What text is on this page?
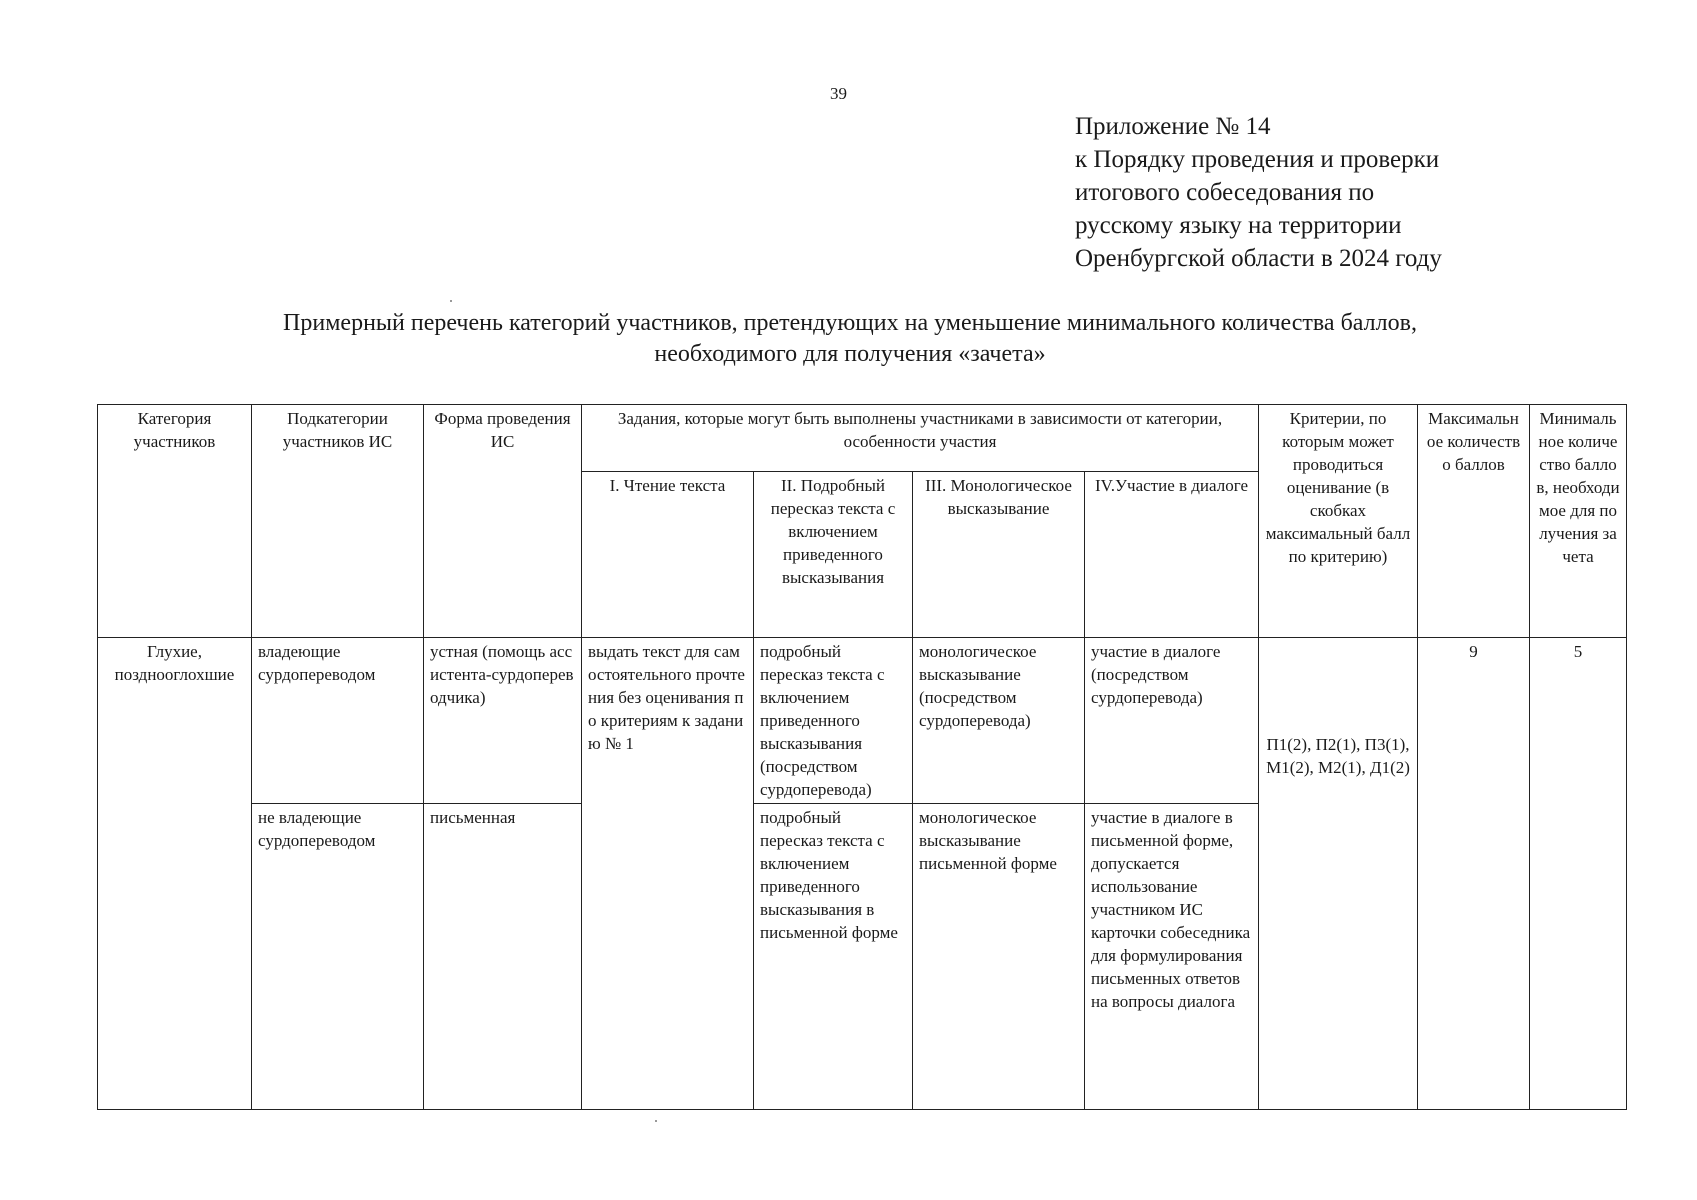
39
Приложение № 14
к Порядку проведения и проверки
итогового собеседования по
русскому языку на территории
Оренбургской области в 2024 году
Примерный перечень категорий участников, претендующих на уменьшение минимального количества баллов,
необходимого для получения «зачета»
Категория участников	Подкатегории участников ИС	Форма проведения ИС	Задания, которые могут быть выполнены участниками в зависимости от категории, особенности участия				Критерии, по которым может проводиться оценивание (в скобках максимальный балл по критерию)	Максимальное количество баллов	Минимальное количество баллов, необходимое для получения зачета
			I. Чтение текста	II. Подробный пересказ текста с включением приведенного высказывания	III. Монологическое высказывание	IV.Участие в диалоге			
Глухие, позднооглохшие	владеющие сурдопереводом	устная (помощь ассистента-сурдопереводчика)	выдать текст для самостоятельного прочтения без оценивания по критериям к заданию № 1	подробный пересказ текста с включением приведенного высказывания (посредством сурдоперевода)	монологическое высказывание (посредством сурдоперевода)	участие в диалоге (посредством сурдоперевода)	П1(2), П2(1), П3(1), М1(2), М2(1), Д1(2)	9	5
	не владеющие сурдопереводом	письменная		подробный пересказ текста с включением приведенного высказывания в письменной форме	монологическое высказывание письменной форме	участие в диалоге в письменной форме, допускается использование участником ИС карточки собеседника для формулирования письменных ответов на вопросы диалога			
